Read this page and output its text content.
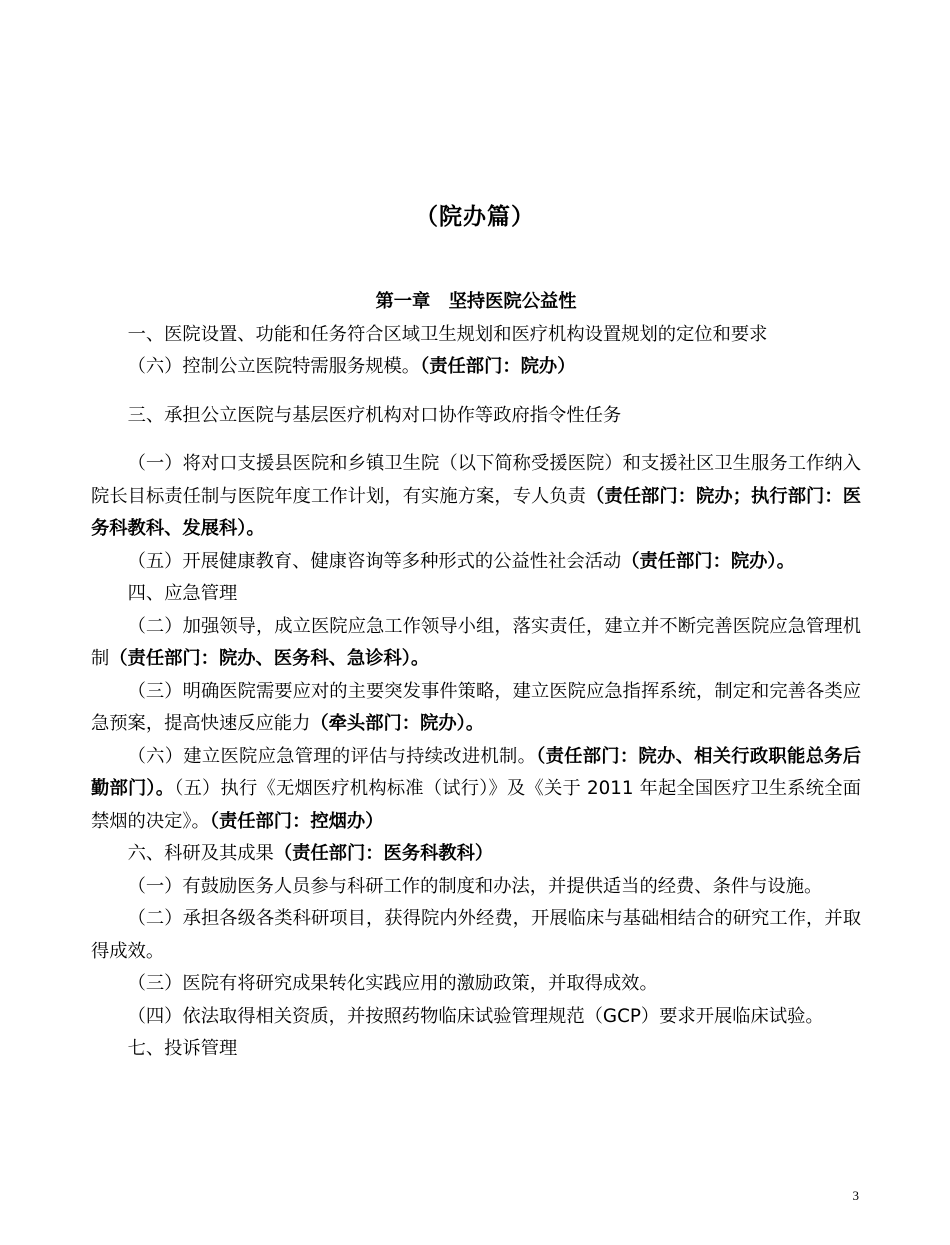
（院办篇）
第一章　坚持医院公益性

一、医院设置、功能和任务符合区域卫生规划和医疗机构设置规划的定位和要求

（六）控制公立医院特需服务规模。（责任部门：院办）

三、承担公立医院与基层医疗机构对口协作等政府指令性任务

（一）将对口支援县医院和乡镇卫生院（以下简称受援医院）和支援社区卫生服务工作纳入院长目标责任制与医院年度工作计划，有实施方案，专人负责（责任部门：院办；执行部门：医务科教科、发展科）。

（五）开展健康教育、健康咨询等多种形式的公益性社会活动（责任部门：院办）。

四、应急管理

（二）加强领导，成立医院应急工作领导小组，落实责任，建立并不断完善医院应急管理机制（责任部门：院办、医务科、急诊科）。

（三）明确医院需要应对的主要突发事件策略，建立医院应急指挥系统，制定和完善各类应急预案，提高快速反应能力（牵头部门：院办）。

（六）建立医院应急管理的评估与持续改进机制。（责任部门：院办、相关行政职能总务后勤部门）。（五）执行《无烟医疗机构标准（试行）》及《关于 2011 年起全国医疗卫生系统全面禁烟的决定》。（责任部门：控烟办）

六、科研及其成果（责任部门：医务科教科）

（一）有鼓励医务人员参与科研工作的制度和办法，并提供适当的经费、条件与设施。

（二）承担各级各类科研项目，获得院内外经费，开展临床与基础相结合的研究工作，并取得成效。

（三）医院有将研究成果转化实践应用的激励政策，并取得成效。

（四）依法取得相关资质，并按照药物临床试验管理规范（GCP）要求开展临床试验。

七、投诉管理

3
